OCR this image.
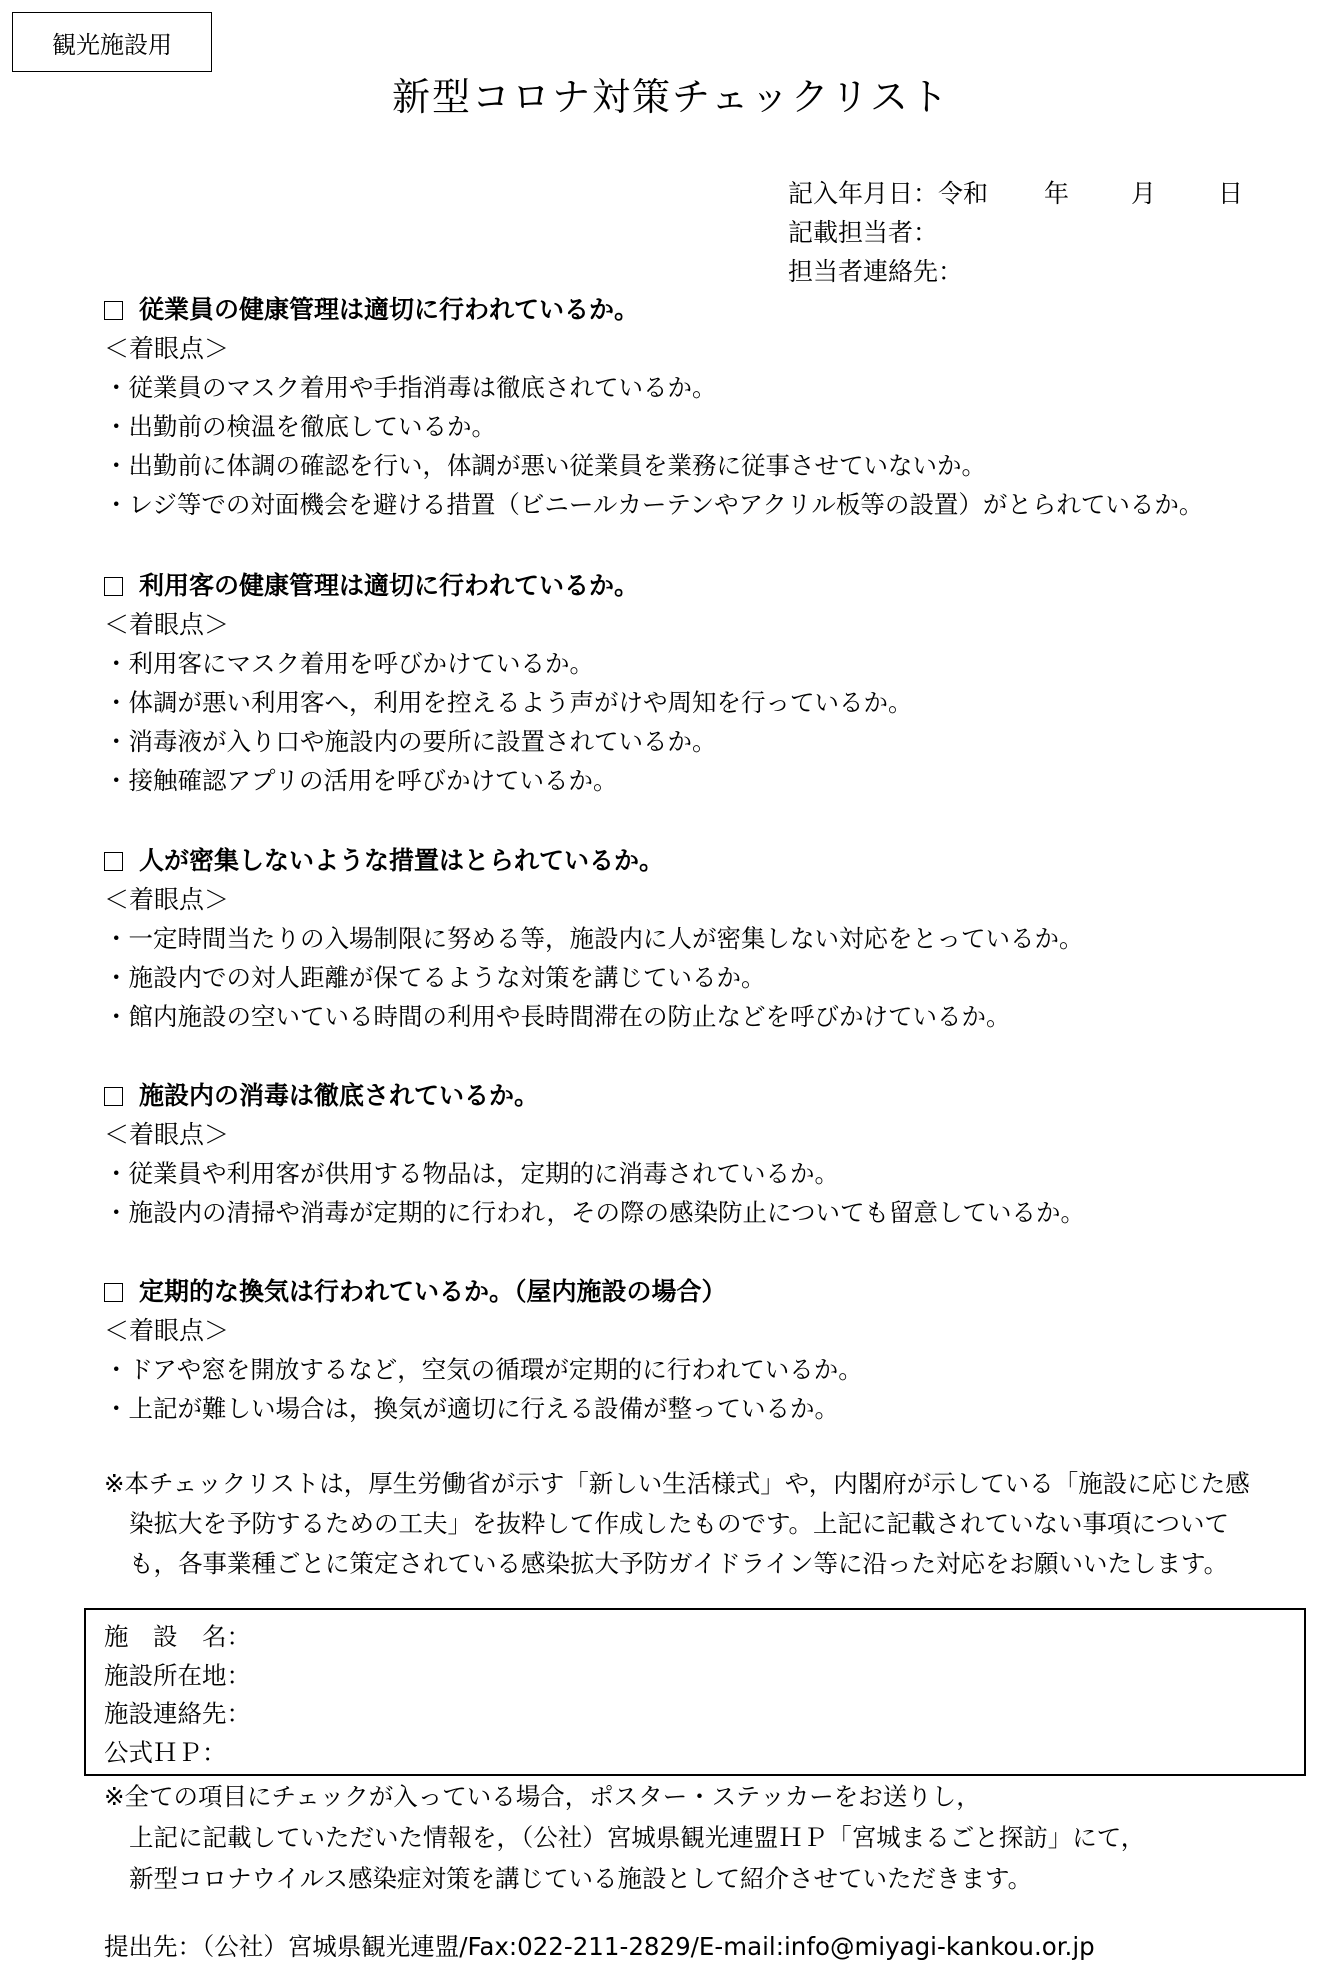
観光施設用
新型コロナ対策チェックリスト
記入年月日：令和 年 月 日
記載担当者：
担当者連絡先：
従業員の健康管理は適切に行われているか。
＜着眼点＞
・従業員のマスク着用や手指消毒は徹底されているか。
・出勤前の検温を徹底しているか。
・出勤前に体調の確認を行い，体調が悪い従業員を業務に従事させていないか。
・レジ等での対面機会を避ける措置（ビニールカーテンやアクリル板等の設置）がとられているか。
利用客の健康管理は適切に行われているか。
＜着眼点＞
・利用客にマスク着用を呼びかけているか。
・体調が悪い利用客へ，利用を控えるよう声がけや周知を行っているか。
・消毒液が入り口や施設内の要所に設置されているか。
・接触確認アプリの活用を呼びかけているか。
人が密集しないような措置はとられているか。
＜着眼点＞
・一定時間当たりの入場制限に努める等，施設内に人が密集しない対応をとっているか。
・施設内での対人距離が保てるような対策を講じているか。
・館内施設の空いている時間の利用や長時間滞在の防止などを呼びかけているか。
施設内の消毒は徹底されているか。
＜着眼点＞
・従業員や利用客が供用する物品は，定期的に消毒されているか。
・施設内の清掃や消毒が定期的に行われ，その際の感染防止についても留意しているか。
定期的な換気は行われているか。（屋内施設の場合）
＜着眼点＞
・ドアや窓を開放するなど，空気の循環が定期的に行われているか。
・上記が難しい場合は，換気が適切に行える設備が整っているか。
※本チェックリストは，厚生労働省が示す「新しい生活様式」や，内閣府が示している「施設に応じた感
染拡大を予防するための工夫」を抜粋して作成したものです。上記に記載されていない事項について
も，各事業種ごとに策定されている感染拡大予防ガイドライン等に沿った対応をお願いいたします。
施　設　名：
施設所在地：
施設連絡先：
公式ＨＰ：
※全ての項目にチェックが入っている場合，ポスター・ステッカーをお送りし，
上記に記載していただいた情報を，（公社）宮城県観光連盟ＨＰ「宮城まるごと探訪」にて，
新型コロナウイルス感染症対策を講じている施設として紹介させていただきます。
提出先：（公社）宮城県観光連盟/Fax:022-211-2829/E-mail:info@miyagi-kankou.or.jp
